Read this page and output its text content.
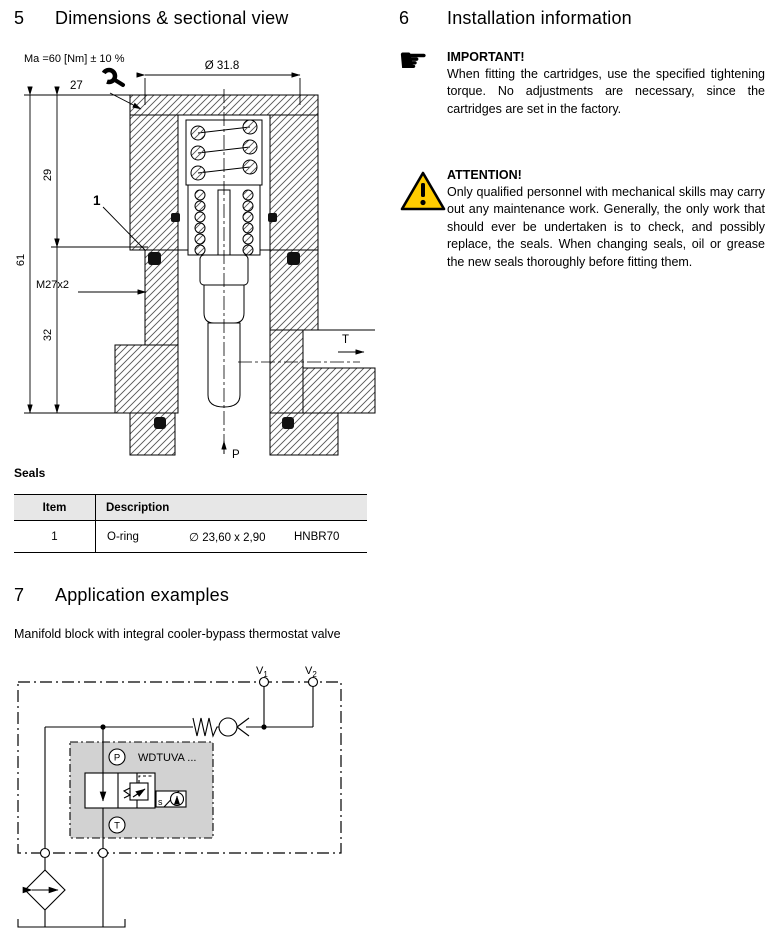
5	Dimensions & sectional view	6	Installation information
Ma =60 [Nm] ± 10 %
27
Ø 31.8
61
29
32
M27x2
1
T
P
Seals
Item	Description
1	O-ring ∅ 23,60 x 2,90 HNBR70
☛ IMPORTANT!
When fitting the cartridges, use the specified tightening torque. No adjustments are necessary, since the cartridges are set in the factory.
ATTENTION!
Only qualified personnel with mechanical skills may carry out any maintenance work. Generally, the only work that should ever be undertaken is to check, and possibly replace, the seals. When changing seals, oil or grease the new seals thoroughly before fitting them.
7	Application examples
Manifold block with integral cooler-bypass thermostat valve
$V_1$	$V_2$
P
T
WDTUVA ...
s
